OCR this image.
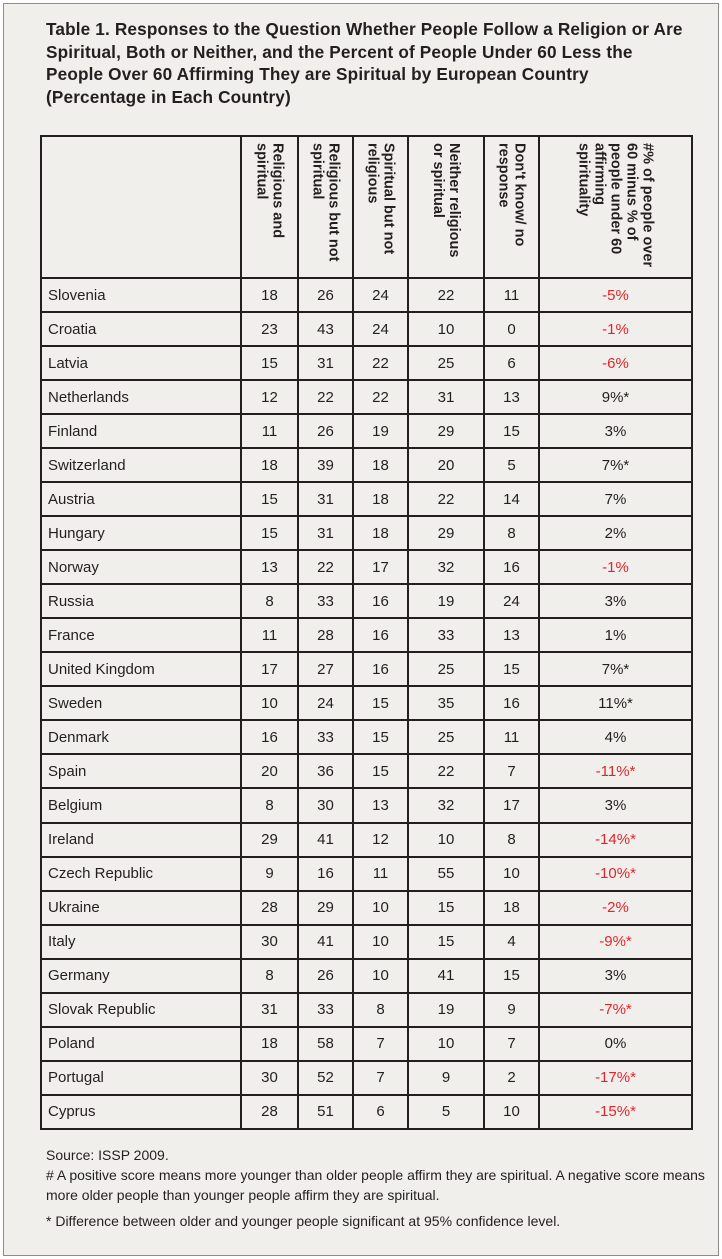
Table 1. Responses to the Question Whether People Follow a Religion or Are Spiritual, Both or Neither, and the Percent of People Under 60 Less the People Over 60 Affirming They are Spiritual by European Country (Percentage in Each Country)

	Religious and spiritual	Religious but not spiritual	Spiritual but not religious	Neither religious or spiritual	Don't know/ no response	#% of people over 60 minus % of people under 60 affirming spirituality

Slovenia	18	26	24	22	11	-5%
Croatia	23	43	24	10	0	-1%
Latvia	15	31	22	25	6	-6%
Netherlands	12	22	22	31	13	9%*
Finland	11	26	19	29	15	3%
Switzerland	18	39	18	20	5	7%*
Austria	15	31	18	22	14	7%
Hungary	15	31	18	29	8	2%
Norway	13	22	17	32	16	-1%
Russia	8	33	16	19	24	3%
France	11	28	16	33	13	1%
United Kingdom	17	27	16	25	15	7%*
Sweden	10	24	15	35	16	11%*
Denmark	16	33	15	25	11	4%
Spain	20	36	15	22	7	-11%*
Belgium	8	30	13	32	17	3%
Ireland	29	41	12	10	8	-14%*
Czech Republic	9	16	11	55	10	-10%*
Ukraine	28	29	10	15	18	-2%
Italy	30	41	10	15	4	-9%*
Germany	8	26	10	41	15	3%
Slovak Republic	31	33	8	19	9	-7%*
Poland	18	58	7	10	7	0%
Portugal	30	52	7	9	2	-17%*
Cyprus	28	51	6	5	10	-15%*

Source: ISSP 2009.

# A positive score means more younger than older people affirm they are spiritual. A negative score means more older people than younger people affirm they are spiritual.

* Difference between older and younger people significant at 95% confidence level.
